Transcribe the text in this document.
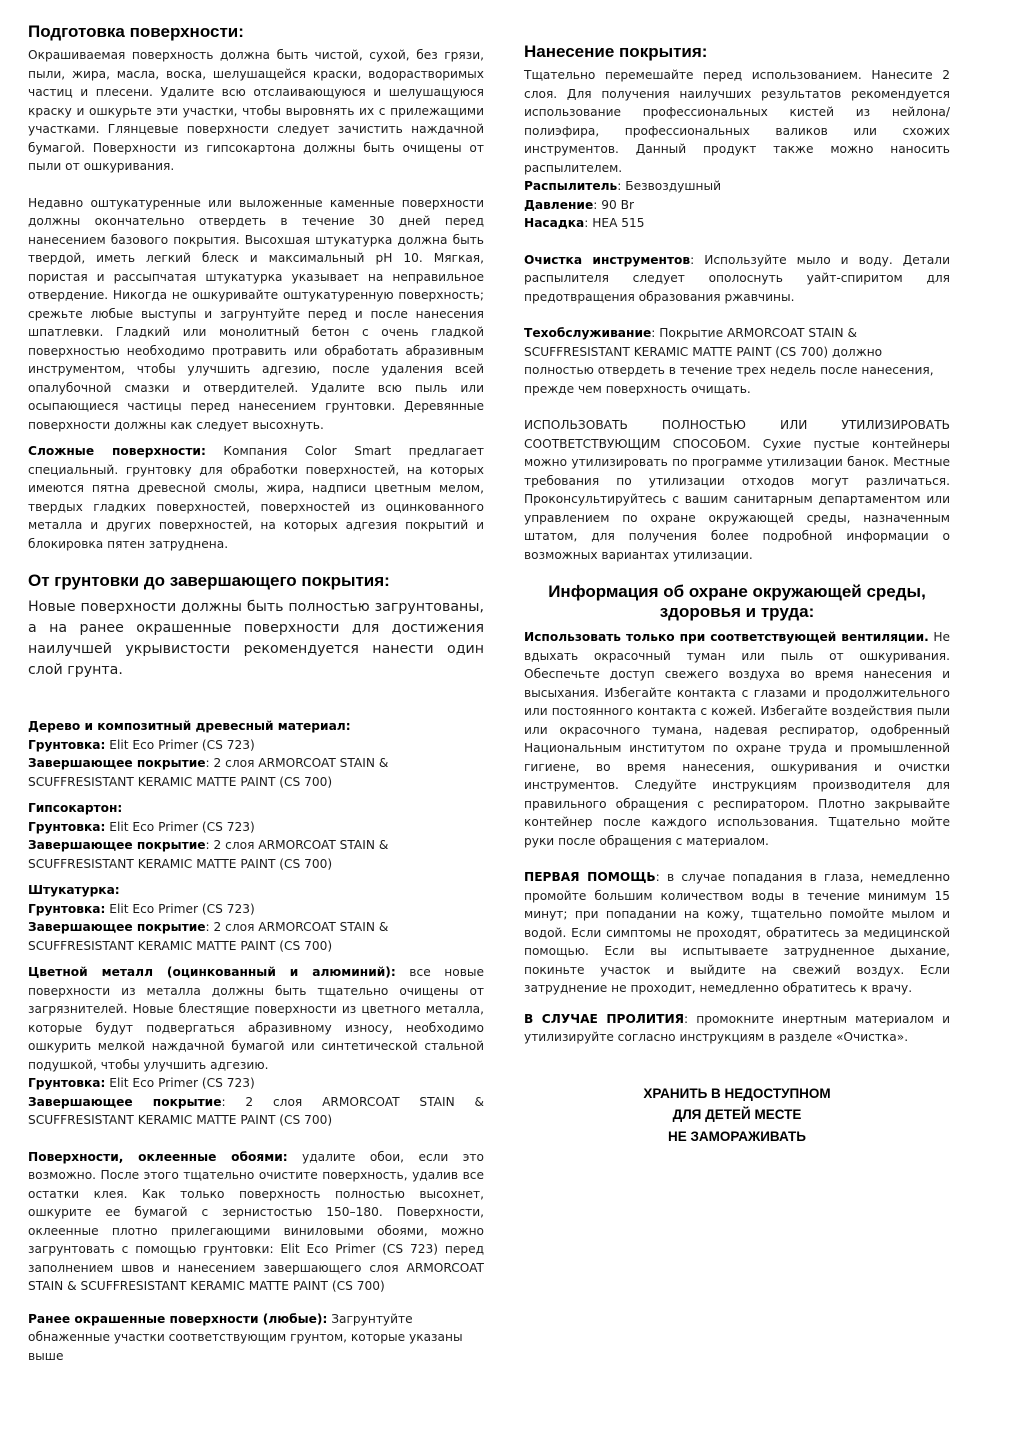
Подготовка поверхности:

Окрашиваемая поверхность должна быть чистой, сухой, без грязи, пыли, жира, масла, воска, шелушащейся краски, водорастворимых частиц и плесени. Удалите всю отслаивающуюся и шелушащуюся краску и ошкурьте эти участки, чтобы выровнять их с прилежащими участками. Глянцевые поверхности следует зачистить наждачной бумагой. Поверхности из гипсокартона должны быть очищены от пыли от ошкуривания.

Недавно оштукатуренные или выложенные каменные поверхности должны окончательно отвердеть в течение 30 дней перед нанесением базового покрытия. Высохшая штукатурка должна быть твердой, иметь легкий блеск и максимальный pH 10. Мягкая, пористая и рассыпчатая штукатурка указывает на неправильное отвердение. Никогда не ошкуривайте оштукатуренную поверхность; срежьте любые выступы и загрунтуйте перед и после нанесения шпатлевки. Гладкий или монолитный бетон с очень гладкой поверхностью необходимо протравить или обработать абразивным инструментом, чтобы улучшить адгезию, после удаления всей опалубочной смазки и отвердителей. Удалите всю пыль или осыпающиеся частицы перед нанесением грунтовки. Деревянные поверхности должны как следует высохнуть.

Сложные поверхности: Компания Color Smart предлагает специальный. грунтовку для обработки поверхностей, на которых имеются пятна древесной смолы, жира, надписи цветным мелом, твердых гладких поверхностей, поверхностей из оцинкованного металла и других поверхностей, на которых адгезия покрытий и блокировка пятен затруднена.

От грунтовки до завершающего покрытия:

Новые поверхности должны быть полностью загрунтованы, а на ранее окрашенные поверхности для достижения наилучшей укрывистости рекомендуется нанести один слой грунта.

Дерево и композитный древесный материал:
Грунтовка: Elit Eco Primer (CS 723)
Завершающее покрытие: 2 слоя ARMORCOAT STAIN & SCUFFRESISTANT KERAMIC MATTE PAINT (CS 700)

Гипсокартон:
Грунтовка: Elit Eco Primer (CS 723)
Завершающее покрытие: 2 слоя ARMORCOAT STAIN & SCUFFRESISTANT KERAMIC MATTE PAINT (CS 700)

Штукатурка:
Грунтовка: Elit Eco Primer (CS 723)
Завершающее покрытие: 2 слоя ARMORCOAT STAIN & SCUFFRESISTANT KERAMIC MATTE PAINT (CS 700)

Цветной металл (оцинкованный и алюминий): все новые поверхности из металла должны быть тщательно очищены от загрязнителей. Новые блестящие поверхности из цветного металла, которые будут подвергаться абразивному износу, необходимо ошкурить мелкой наждачной бумагой или синтетической стальной подушкой, чтобы улучшить адгезию.
Грунтовка: Elit Eco Primer (CS 723)
Завершающее покрытие: 2 слоя ARMORCOAT STAIN & SCUFFRESISTANT KERAMIC MATTE PAINT (CS 700)

Поверхности, оклеенные обоями: удалите обои, если это возможно. После этого тщательно очистите поверхность, удалив все остатки клея. Как только поверхность полностью высохнет, ошкурите ее бумагой с зернистостью 150–180. Поверхности, оклеенные плотно прилегающими виниловыми обоями, можно загрунтовать с помощью грунтовки: Elit Eco Primer (CS 723) перед заполнением швов и нанесением завершающего слоя ARMORCOAT STAIN & SCUFFRESISTANT KERAMIC MATTE PAINT (CS 700)

Ранее окрашенные поверхности (любые): Загрунтуйте обнаженные участки соответствующим грунтом, которые указаны выше

Нанесение покрытия:

Тщательно перемешайте перед использованием. Нанесите 2 слоя. Для получения наилучших результатов рекомендуется использование профессиональных кистей из нейлона/полиэфира, профессиональных валиков или схожих инструментов. Данный продукт также можно наносить распылителем.

Распылитель: Безвоздушный
Давление: 90 Br
Насадка: HEA 515

Очистка инструментов: Используйте мыло и воду. Детали распылителя следует ополоснуть уайт-спиритом для предотвращения образования ржавчины.

Техобслуживание: Покрытие ARMORCOAT STAIN & SCUFFRESISTANT KERAMIC MATTE PAINT (CS 700) должно полностью отвердеть в течение трех недель после нанесения, прежде чем поверхность очищать.

ИСПОЛЬЗОВАТЬ ПОЛНОСТЬЮ ИЛИ УТИЛИЗИРОВАТЬ СООТВЕТСТВУЮЩИМ СПОСОБОМ. Сухие пустые контейнеры можно утилизировать по программе утилизации банок. Местные требования по утилизации отходов могут различаться. Проконсультируйтесь с вашим санитарным департаментом или управлением по охране окружающей среды, назначенным штатом, для получения более подробной информации о возможных вариантах утилизации.

Информация об охране окружающей среды,
здоровья и труда:

Использовать только при соответствующей вентиляции. Не вдыхать окрасочный туман или пыль от ошкуривания. Обеспечьте доступ свежего воздуха во время нанесения и высыхания. Избегайте контакта с глазами и продолжительного или постоянного контакта с кожей. Избегайте воздействия пыли или окрасочного тумана, надевая респиратор, одобренный Национальным институтом по охране труда и промышленной гигиене, во время нанесения, ошкуривания и очистки инструментов. Следуйте инструкциям производителя для правильного обращения с респиратором. Плотно закрывайте контейнер после каждого использования. Тщательно мойте руки после обращения с материалом.

ПЕРВАЯ ПОМОЩЬ: в случае попадания в глаза, немедленно промойте большим количеством воды в течение минимум 15 минут; при попадании на кожу, тщательно помойте мылом и водой. Если симптомы не проходят, обратитесь за медицинской помощью. Если вы испытываете затрудненное дыхание, покиньте участок и выйдите на свежий воздух. Если затруднение не проходит, немедленно обратитесь к врачу.

В СЛУЧАЕ ПРОЛИТИЯ: промокните инертным материалом и утилизируйте согласно инструкциям в разделе «Очистка».

ХРАНИТЬ В НЕДОСТУПНОМ
ДЛЯ ДЕТЕЙ МЕСТЕ
НЕ ЗАМОРАЖИВАТЬ
